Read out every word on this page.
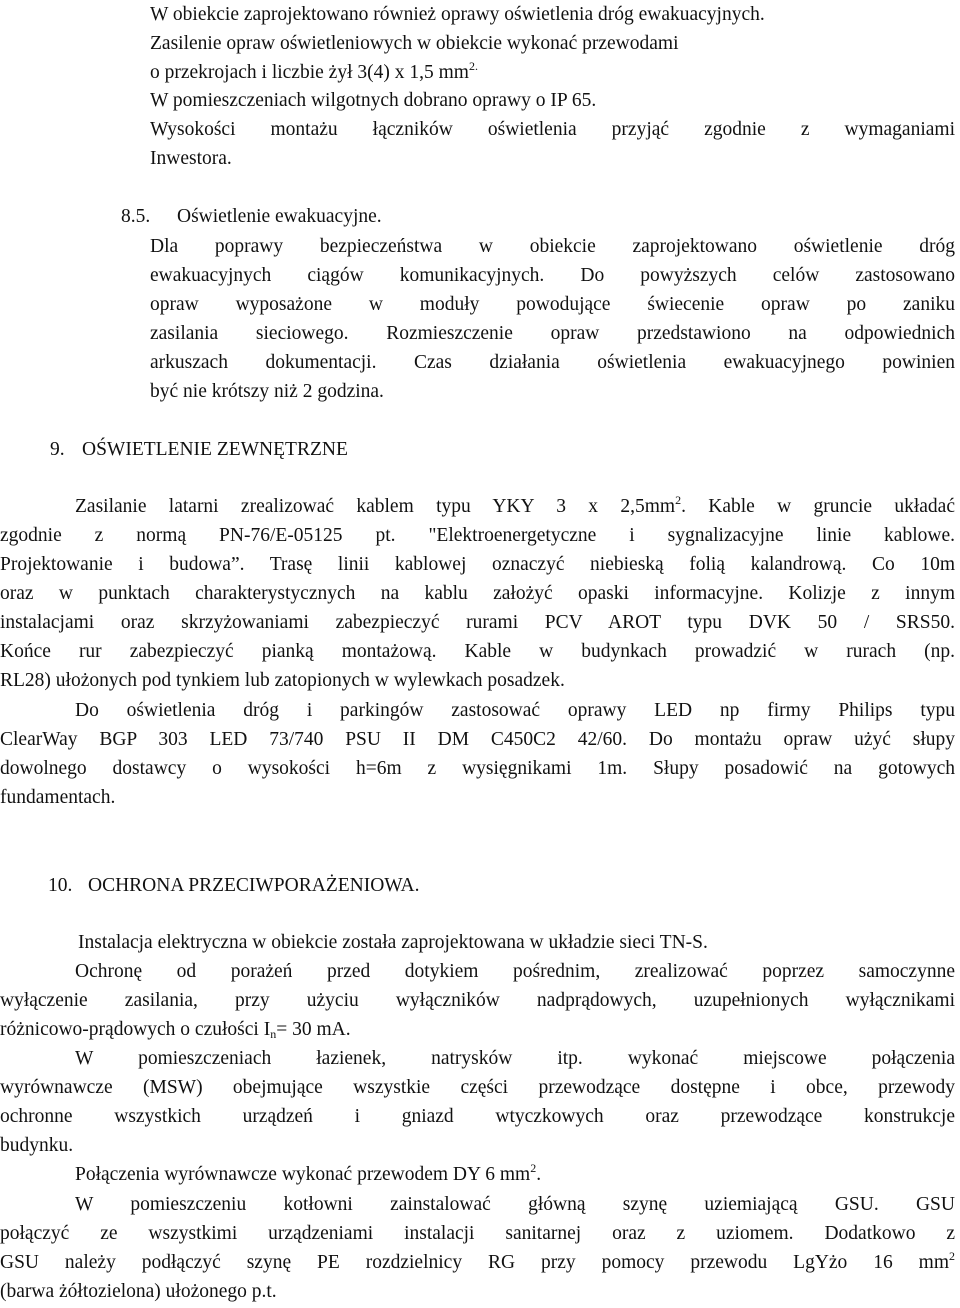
W obiekcie zaprojektowano również oprawy oświetlenia dróg ewakuacyjnych.
Zasilenie opraw oświetleniowych w obiekcie wykonać przewodami
o przekrojach i liczbie żył 3(4) x 1,5 $mm^{2.}$
W pomieszczeniach wilgotnych dobrano oprawy o IP 65.
Wysokości montażu łączników oświetlenia przyjąć zgodnie z wymaganiami
Inwestora.
8.5. Oświetlenie ewakuacyjne.
Dla poprawy bezpieczeństwa w obiekcie zaprojektowano oświetlenie dróg
ewakuacyjnych ciągów komunikacyjnych. Do powyższych celów zastosowano
opraw wyposażone w moduły powodujące świecenie opraw po zaniku
zasilania sieciowego. Rozmieszczenie opraw przedstawiono na odpowiednich
arkuszach dokumentacji. Czas działania oświetlenia ewakuacyjnego powinien
być nie krótszy niż 2 godzina.
9. OŚWIETLENIE ZEWNĘTRZNE
Zasilanie latarni zrealizować kablem typu YKY 3 x $2,5mm^2$. Kable w gruncie układać
zgodnie z normą PN-76/E-05125 pt. "Elektroenergetyczne i sygnalizacyjne linie kablowe.
Projektowanie i budowa”. Trasę linii kablowej oznaczyć niebieską folią kalandrową. Co 10m
oraz w punktach charakterystycznych na kablu założyć opaski informacyjne. Kolizje z innym
instalacjami oraz skrzyżowaniami zabezpieczyć rurami PCV AROT typu DVK 50 / SRS50.
Końce rur zabezpieczyć pianką montażową. Kable w budynkach prowadzić w rurach (np.
RL28) ułożonych pod tynkiem lub zatopionych w wylewkach posadzek.
Do oświetlenia dróg i parkingów zastosować oprawy LED np firmy Philips typu
ClearWay BGP 303 LED 73/740 PSU II DM C450C2 42/60. Do montażu opraw użyć słupy
dowolnego dostawcy o wysokości h=6m z wysięgnikami 1m. Słupy posadowić na gotowych
fundamentach.
10. OCHRONA PRZECIWPORAŻENIOWA.
Instalacja elektryczna w obiekcie została zaprojektowana w układzie sieci TN-S.
Ochronę od porażeń przed dotykiem pośrednim, zrealizować poprzez samoczynne
wyłączenie zasilania, przy użyciu wyłączników nadprądowych, uzupełnionych wyłącznikami
różnicowo-prądowych o czułości $I_n= 30$ mA.
W pomieszczeniach łazienek, natrysków itp. wykonać miejscowe połączenia
wyrównawcze (MSW) obejmujące wszystkie części przewodzące dostępne i obce, przewody
ochronne wszystkich urządzeń i gniazd wtyczkowych oraz przewodzące konstrukcje
budynku.
Połączenia wyrównawcze wykonać przewodem DY 6 $mm^2$.
W pomieszczeniu kotłowni zainstalować główną szynę uziemiającą GSU. GSU
połączyć ze wszystkimi urządzeniami instalacji sanitarnej oraz z uziomem. Dodatkowo z
GSU należy podłączyć szynę PE rozdzielnicy RG przy pomocy przewodu LgYżo 16 $mm^2$
(barwa żółtozielona) ułożonego p.t.
